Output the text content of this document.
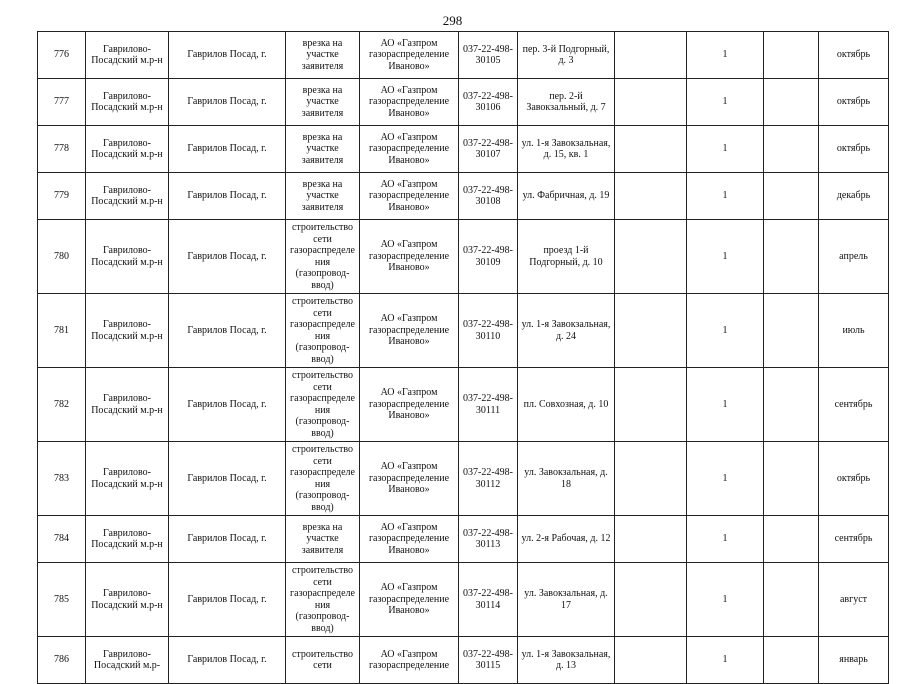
298
776	Гаврилово-Посадский м.р-н	Гаврилов Посад, г.	врезка на участке заявителя	АО «Газпром газораспределение Иваново»	037-22-498-30105	пер. 3-й Подгорный, д. 3		1		октябрь	
777	Гаврилово-Посадский м.р-н	Гаврилов Посад, г.	врезка на участке заявителя	АО «Газпром газораспределение Иваново»	037-22-498-30106	пер. 2-й Завокзальный, д. 7		1		октябрь	
778	Гаврилово-Посадский м.р-н	Гаврилов Посад, г.	врезка на участке заявителя	АО «Газпром газораспределение Иваново»	037-22-498-30107	ул. 1-я Завокзальная, д. 15, кв. 1		1		октябрь	
779	Гаврилово-Посадский м.р-н	Гаврилов Посад, г.	врезка на участке заявителя	АО «Газпром газораспределение Иваново»	037-22-498-30108	ул. Фабричная, д. 19		1		декабрь	
780	Гаврилово-Посадский м.р-н	Гаврилов Посад, г.	строительство сети газораспределения (газопровод-ввод)	АО «Газпром газораспределение Иваново»	037-22-498-30109	проезд 1-й Подгорный, д. 10		1		апрель	
781	Гаврилово-Посадский м.р-н	Гаврилов Посад, г.	строительство сети газораспределения (газопровод-ввод)	АО «Газпром газораспределение Иваново»	037-22-498-30110	ул. 1-я Завокзальная, д. 24		1		июль	
782	Гаврилово-Посадский м.р-н	Гаврилов Посад, г.	строительство сети газораспределения (газопровод-ввод)	АО «Газпром газораспределение Иваново»	037-22-498-30111	пл. Совхозная, д. 10		1		сентябрь	
783	Гаврилово-Посадский м.р-н	Гаврилов Посад, г.	строительство сети газораспределения (газопровод-ввод)	АО «Газпром газораспределение Иваново»	037-22-498-30112	ул. Завокзальная, д. 18		1		октябрь	
784	Гаврилово-Посадский м.р-н	Гаврилов Посад, г.	врезка на участке заявителя	АО «Газпром газораспределение Иваново»	037-22-498-30113	ул. 2-я Рабочая, д. 12		1		сентябрь	
785	Гаврилово-Посадский м.р-н	Гаврилов Посад, г.	строительство сети газораспределения (газопровод-ввод)	АО «Газпром газораспределение Иваново»	037-22-498-30114	ул. Завокзальная, д. 17		1		август	
786	Гаврилово-Посадский м.р-	Гаврилов Посад, г.	строительство сети	АО «Газпром газораспределение	037-22-498-30115	ул. 1-я Завокзальная, д. 13		1		январь	
